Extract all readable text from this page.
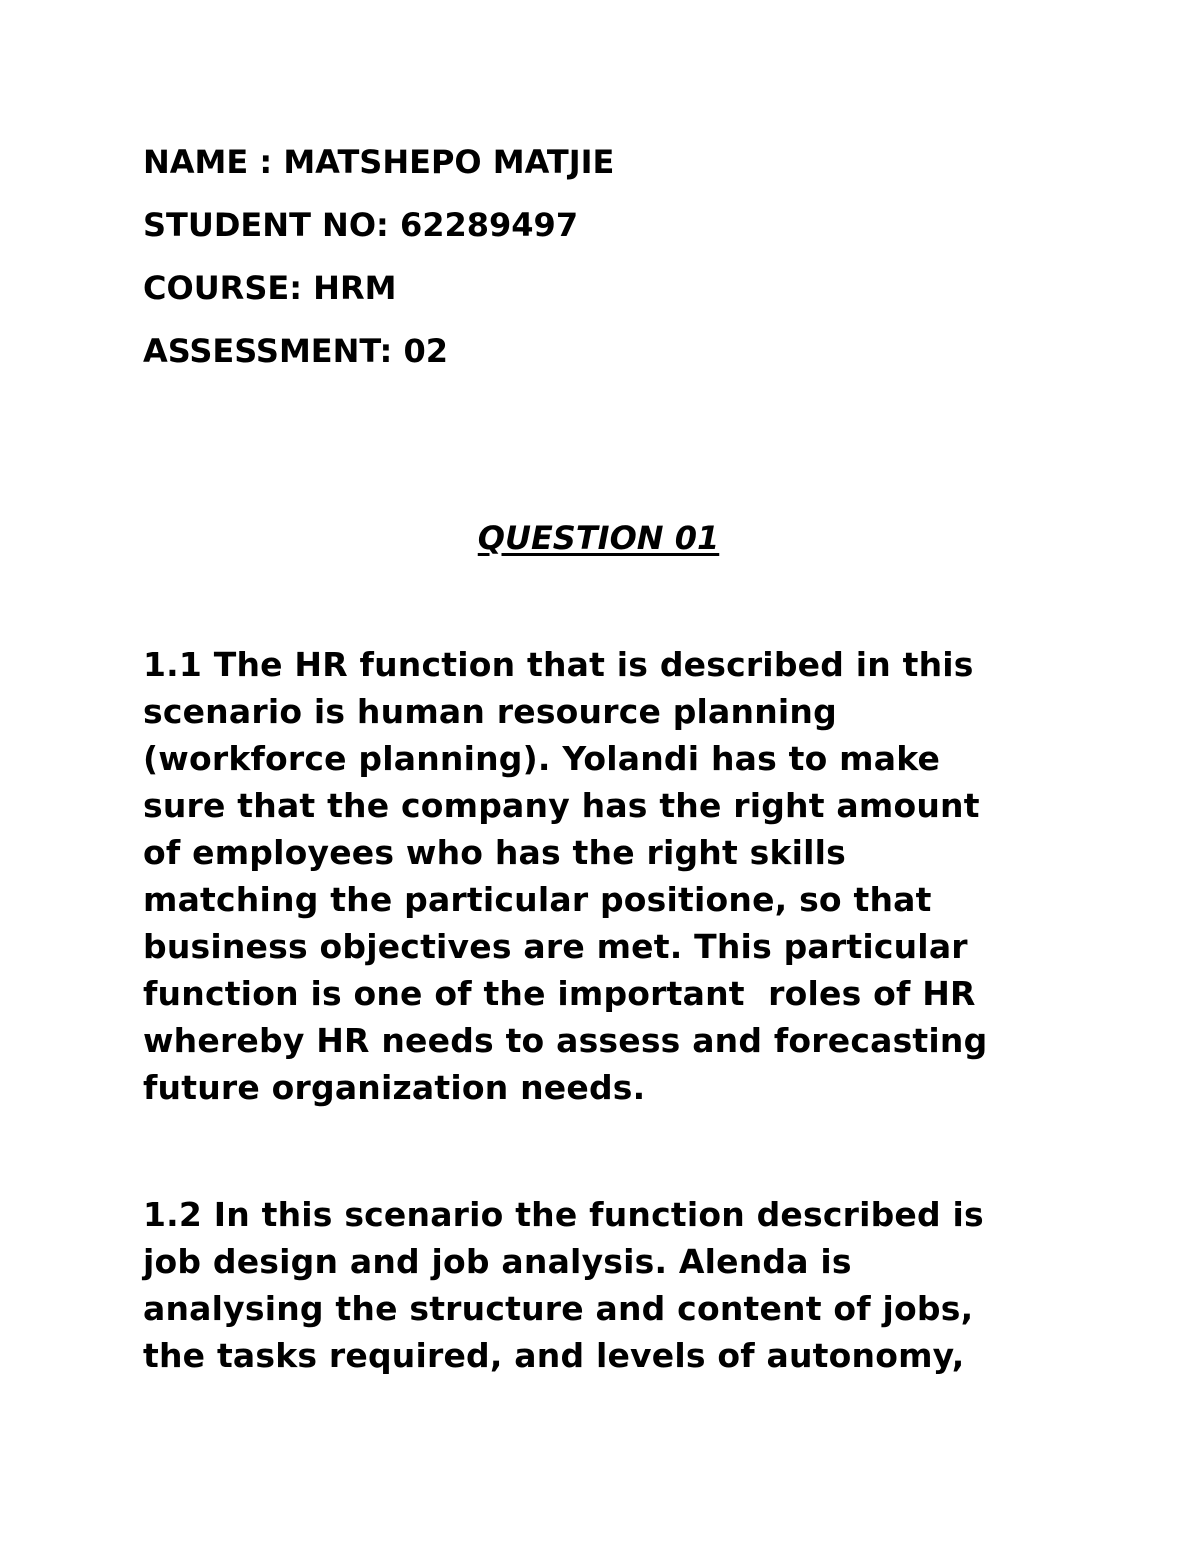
NAME : MATSHEPO MATJIE
STUDENT NO: 62289497
COURSE: HRM
ASSESSMENT: 02
QUESTION 01
1.1 The HR function that is described in this
scenario is human resource planning
(workforce planning). Yolandi has to make
sure that the company has the right amount
of employees who has the right skills
matching the particular positione, so that
business objectives are met. This particular
function is one of the important  roles of HR
whereby HR needs to assess and forecasting
future organization needs.
1.2 In this scenario the function described is
job design and job analysis. Alenda is
analysing the structure and content of jobs,
the tasks required, and levels of autonomy,
